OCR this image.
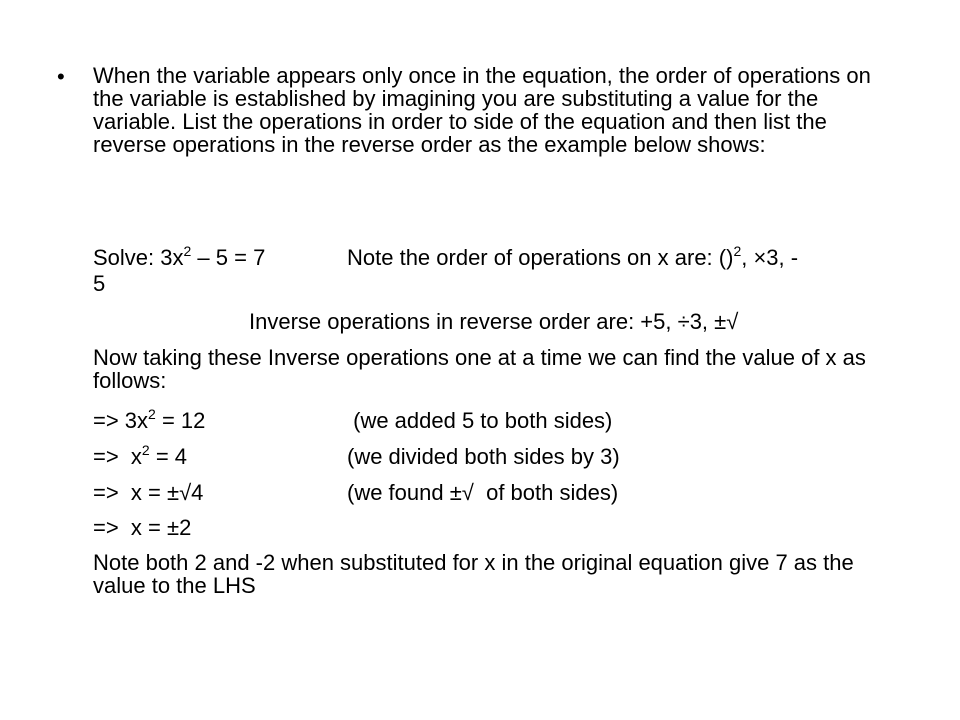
• When the variable appears only once in the equation, the order of operations on the variable is established by imagining you are substituting a value for the variable. List the operations in order to side of the equation and then list the reverse operations in the reverse order as the example below shows:
Solve: $3x^2 - 5 = 7$	Note the order of operations on x are: ()$^2$, ×3, -
5
Inverse operations in reverse order are: +5, ÷3, ±√
Now taking these Inverse operations one at a time we can find the value of x as follows:
=> $3x^2 = 12$	(we added 5 to both sides)
=>  $x^2 = 4$	(we divided both sides by 3)
=>  x = ±√4	(we found ±√  of both sides)
=>  x = ±2
Note both 2 and -2 when substituted for x in the original equation give 7 as the value to the LHS
